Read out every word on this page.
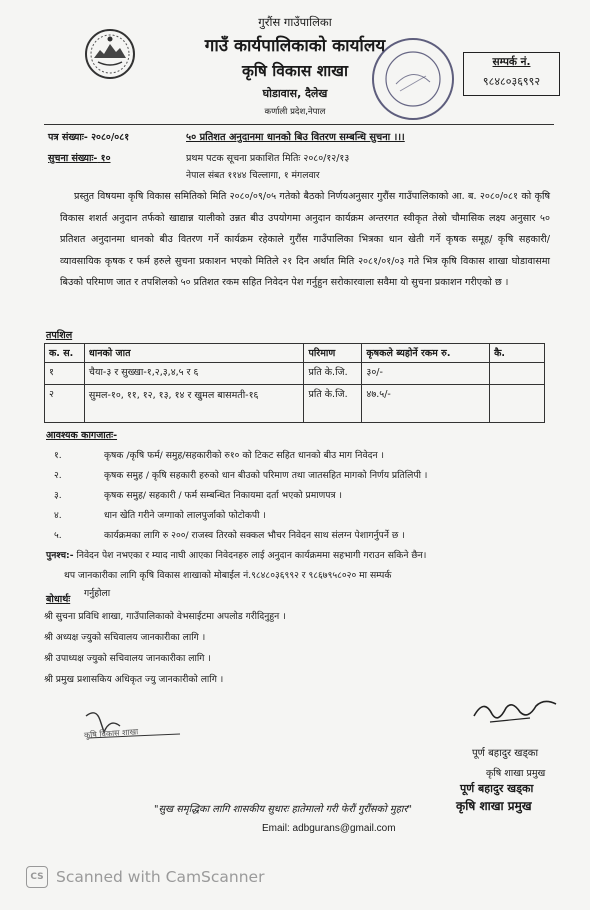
गुरौंस गाउँपालिका
गाउँ कार्यपालिकाको कार्यालय
कृषि विकास शाखा
घोडावास, दैलेख
कर्णाली प्रदेश,नेपाल
सम्पर्क नं.
९८४८०३६९९२
पत्र संख्याः- २०८०/०८१	५० प्रतिशत अनुदानमा धानको बिउ वितरण सम्बन्धि सुचना ।।।
सुचना संख्याः- १०	प्रथम पटक सूचना प्रकाशित मितिः २०८०/१२/१३
नेपाल संबत ११४४ चिल्लागा, १ मंगलवार
प्रस्तुत विषयमा कृषि विकास समितिको मिति २०८०/०९/०५ गतेको बैठको निर्णयअनुसार गुरौंस गाउँपालिकाको आ. ब. २०८०/०८१ को कृषि विकास शशर्त अनुदान तर्फको खाद्यान्न यालीको उन्नत बीउ उपयोगमा अनुदान कार्यक्रम अन्तरगत स्वीकृत तेस्रो चौमासिक लक्ष्य अनुसार ५० प्रतिशत अनुदानमा धानको बीउ वितरण गर्ने कार्यक्रम रहेकाले गुरौंस गाउँपालिका भित्रका धान खेती गर्ने कृषक समूह/ कृषि सहकारी/ व्यावसायिक कृषक र फर्म हरुले सुचना प्रकाशन भएको मितिले २१ दिन अर्थात मिति २०८१/०१/०३ गते भित्र कृषि विकास शाखा घोडावासमा बिउको परिमाण जात र तपशिलको ५० प्रतिशत रकम सहित निवेदन पेश गर्नुहुन सरोकारवाला सवैमा यो सुचना प्रकाशन गरीएको छ ।
तपशिल
क. स.	धानको जात	परिमाण	कृषकले ब्यहोर्ने रकम रु.	कै.
१	चैया-३ र सुख्खा-१,२,३,४,५ र ६	प्रति के.जि.	३०/-	
२	सुमल-१०, ११, १२, १३, १४ र खुमल बासमती-१६	प्रति के.जि.	४७.५/-	
आवश्यक कागजातः-
१.	कृषक /कृषि फर्म/ समुह/सहकारीको रु१० को टिकट सहित धानको बीउ माग निवेदन ।
२.	कृषक समुह / कृषि सहकारी हरुको धान बीउको परिमाण तथा जातसहित मागको निर्णय प्रतिलिपी ।
३.	कृषक समुह/ सहकारी / फर्म सम्बन्धित निकायमा दर्ता भएको प्रमाणपत्र ।
४.	धान खेति गरीने जग्गाको लालपुर्जाको फोटोकपी ।
५.	कार्यक्रमका लागि रु २००/ राजस्व तिरको सक्कल भौचर निवेदन साथ संलग्न पेशागर्नुपर्ने छ ।
पुनश्च:- निवेदन पेश नभएका र म्याद नाघी आएका निवेदनहरु लाई अनुदान कार्यक्रममा सहभागी गराउन सकिने छैन।
थप जानकारीका लागि कृषि विकास शाखाको मोबाईल नं.९८४८०३६९९२ र ९८६७९५८०२० मा सम्पर्क
गर्नुहोला
बोधार्थः
श्री सुचना प्रविधि शाखा, गाउँपालिकाको वेभसाईटमा अपलोड गरीदिनुहुन ।
श्री अध्यक्ष ज्युको सचिवालय जानकारीका लागि ।
श्री उपाध्यक्ष ज्युको सचिवालय जानकारीका लागि ।
श्री प्रमुख प्रशासकिय अधिकृत ज्यु जानकारीको लागि ।
कृषि विकास शाखा
पूर्ण बहादुर खड्का
कृषि शाखा प्रमुख
पूर्ण बहादुर खड्का
कृषि शाखा प्रमुख
"सुख समृद्धिका लागि शासकीय सुधारः हातेमालो गरी फेरौं गुरौंसको मुहार"
Email: adbgurans@gmail.com
CS Scanned with CamScanner
